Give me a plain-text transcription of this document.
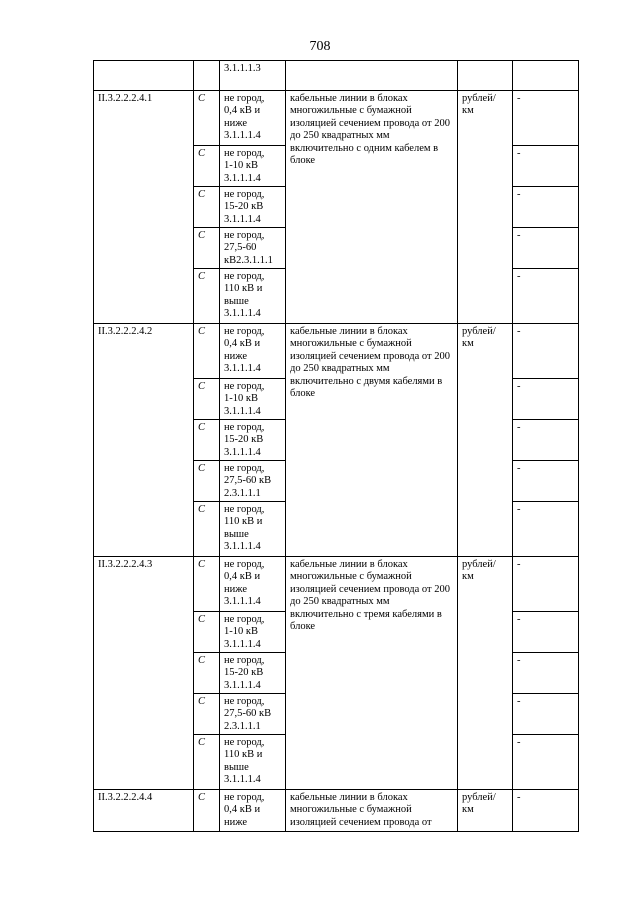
708
		3.1.1.1.3			
II.3.2.2.2.4.1	С	не город,
0,4 кВ и
ниже
3.1.1.1.4	кабельные линии в блоках многожильные с бумажной изоляцией сечением провода от 200 до 250 квадратных мм включительно с одним кабелем в блоке	рублей/ км	-
	С	не город,
1-10 кВ
3.1.1.1.4			-
	С	не город,
15-20 кВ
3.1.1.1.4			-
	С	не город,
27,5-60
кВ2.3.1.1.1			-
	С	не город,
110 кВ и
выше
3.1.1.1.4			-
II.3.2.2.2.4.2	С	не город,
0,4 кВ и
ниже
3.1.1.1.4	кабельные линии в блоках многожильные с бумажной изоляцией сечением провода от 200 до 250 квадратных мм включительно с двумя кабелями в блоке	рублей/ км	-
	С	не город,
1-10 кВ
3.1.1.1.4			-
	С	не город,
15-20 кВ
3.1.1.1.4			-
	С	не город,
27,5-60 кВ
2.3.1.1.1			-
	С	не город,
110 кВ и
выше
3.1.1.1.4			-
II.3.2.2.2.4.3	С	не город,
0,4 кВ и
ниже
3.1.1.1.4	кабельные линии в блоках многожильные с бумажной изоляцией сечением провода от 200 до 250 квадратных мм включительно с тремя кабелями в блоке	рублей/ км	-
	С	не город,
1-10 кВ
3.1.1.1.4			-
	С	не город,
15-20 кВ
3.1.1.1.4			-
	С	не город,
27,5-60 кВ
2.3.1.1.1			-
	С	не город,
110 кВ и
выше
3.1.1.1.4			-
II.3.2.2.2.4.4	С	не город,
0,4 кВ и
ниже	кабельные линии в блоках многожильные с бумажной изоляцией сечением провода от	рублей/ км	-
